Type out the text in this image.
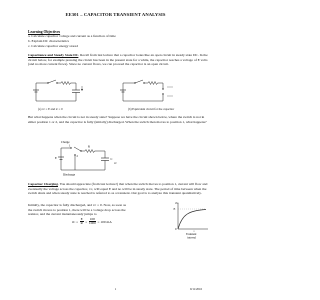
EE301 – CAPACITOR TRANSIENT ANALYSIS
Learning Objectives
a. Calculate capacitor voltage and current as a function of time
b. Explain DC characteristics
c. Calculate capacitor energy stored
Capacitance and Steady State DC. Recall from last lecture that a capacitor looks like an open circuit in steady state DC. In the circuit below, for example pressing the circuit has been in the present state for a while, the capacitor reaches a voltage of E volts (and no more current flows). Since no current flows, we can proceed the capacitor is an open circuit.
(a) vc = E and ic = 0	(b) Equivalent circuit for the capacitor
But what happens when the circuit is not in steady state? Suppose we have the circuit shown below, where the switch is not in either position 1 or 2, and the capacitor is fully (initially) discharged. When the switch then moves to position 1, what happens?
Charge
1
2
R
E	C
vc
Discharge
Capacitor Charging. You should appreciate (from last lecture!) that when the switch moves to position 1, current will flow and eventually the voltage across the capacitor, vc, will equal E and no will be in steady state. The period of time between when the switch shuts and when steady state is reached is referred to as a transient. Our goal is to analyze this transient quantitatively.
Initially, the capacitor is fully discharged, and vc = 0. Now, as soon as
the switch moves to position 1, there will be a voltage drop across the
resistor, and the current instantaneously jumps to
iC = $\frac{E}{R} = \frac{100}{1000} = 100$ mA
vC
E
0
Transient
interval
1	9/11/2016
